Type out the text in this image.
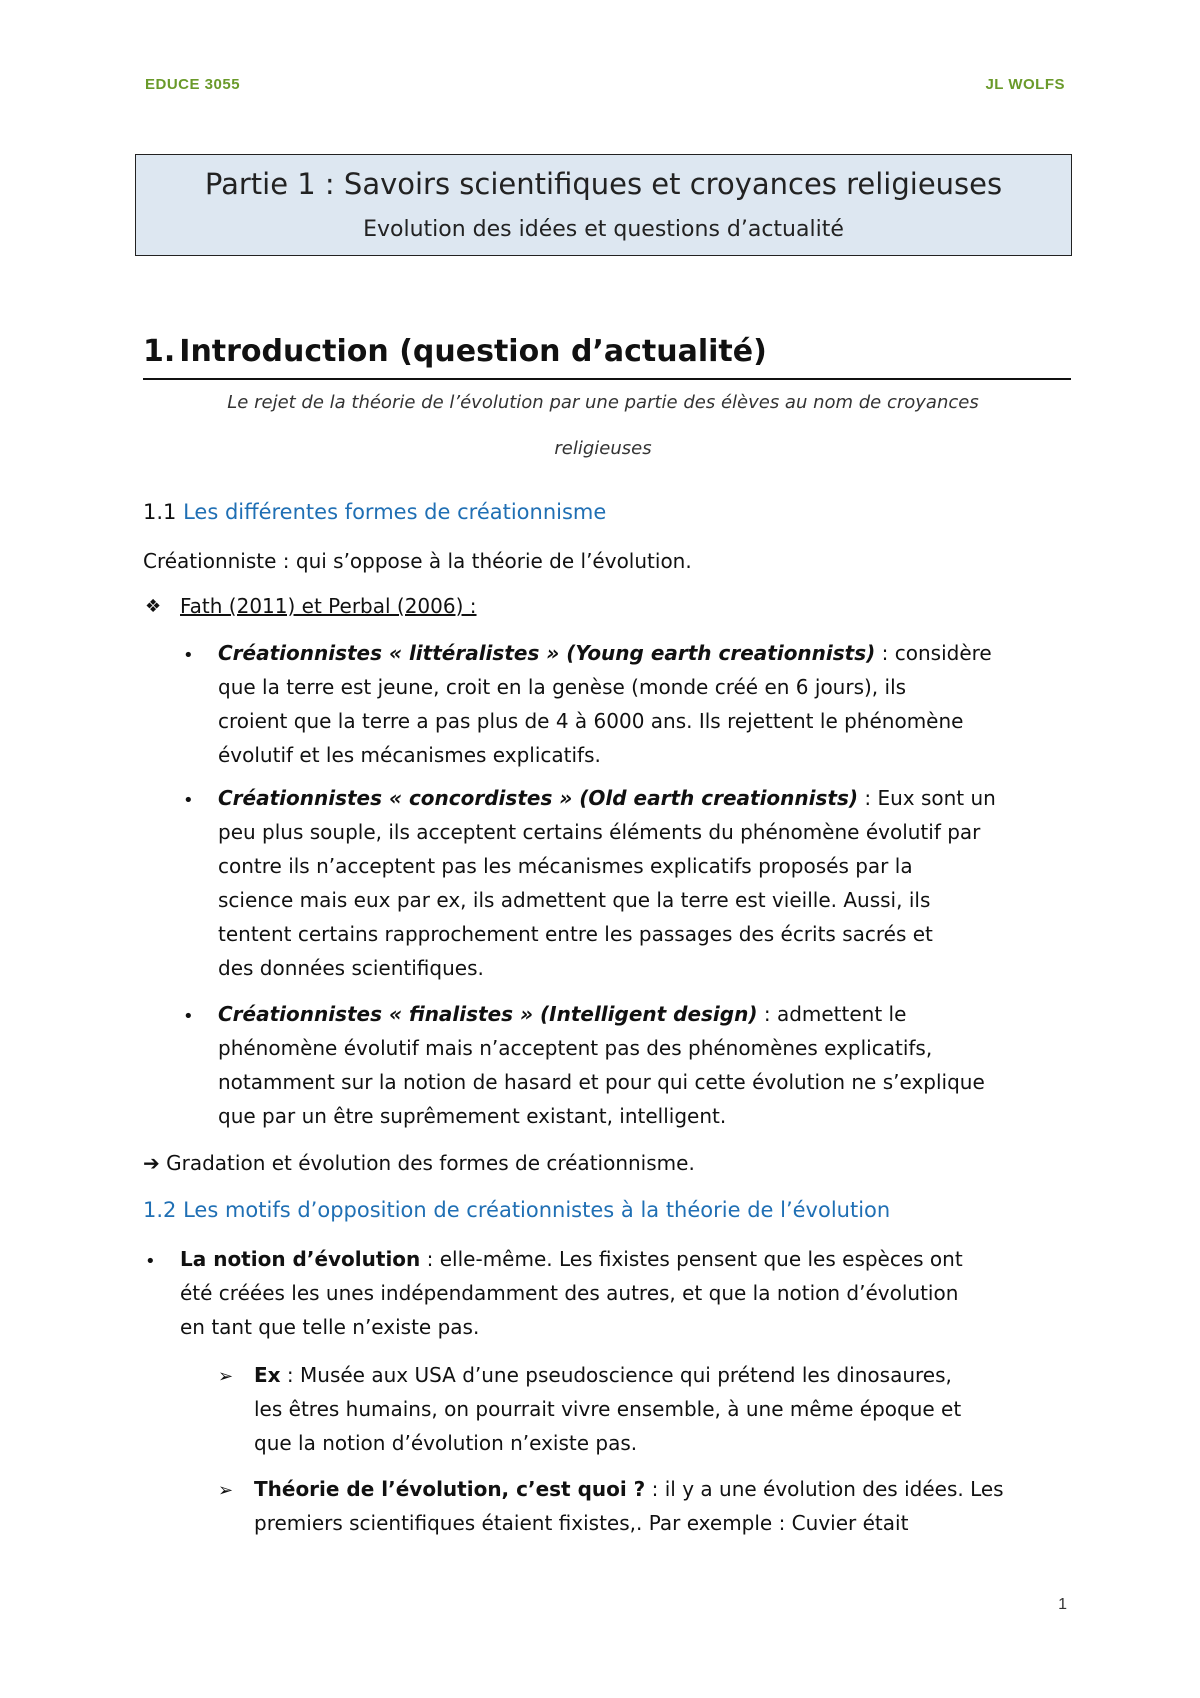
EDUCE 3055	JL WOLFS
Partie 1 : Savoirs scientifiques et croyances religieuses
Evolution des idées et questions d’actualité
1. Introduction (question d’actualité)
Le rejet de la théorie de l’évolution par une partie des élèves au nom de croyances
religieuses
1.1 Les différentes formes de créationnisme
Créationniste : qui s’oppose à la théorie de l’évolution.
❖ Fath (2011) et Perbal (2006) :
• Créationnistes « littéralistes » (Young earth creationnists) : considère
que la terre est jeune, croit en la genèse (monde créé en 6 jours), ils
croient que la terre a pas plus de 4 à 6000 ans. Ils rejettent le phénomène
évolutif et les mécanismes explicatifs.
• Créationnistes « concordistes » (Old earth creationnists) : Eux sont un
peu plus souple, ils acceptent certains éléments du phénomène évolutif par
contre ils n’acceptent pas les mécanismes explicatifs proposés par la
science mais eux par ex, ils admettent que la terre est vieille. Aussi, ils
tentent certains rapprochement entre les passages des écrits sacrés et
des données scientifiques.
• Créationnistes « finalistes » (Intelligent design) : admettent le
phénomène évolutif mais n’acceptent pas des phénomènes explicatifs,
notamment sur la notion de hasard et pour qui cette évolution ne s’explique
que par un être suprêmement existant, intelligent.
➔ Gradation et évolution des formes de créationnisme.
1.2 Les motifs d’opposition de créationnistes à la théorie de l’évolution
• La notion d’évolution : elle-même. Les fixistes pensent que les espèces ont
été créées les unes indépendamment des autres, et que la notion d’évolution
en tant que telle n’existe pas.
➢ Ex : Musée aux USA d’une pseudoscience qui prétend les dinosaures,
les êtres humains, on pourrait vivre ensemble, à une même époque et
que la notion d’évolution n’existe pas.
➢ Théorie de l’évolution, c’est quoi ? : il y a une évolution des idées. Les
premiers scientifiques étaient fixistes,. Par exemple : Cuvier était
1
